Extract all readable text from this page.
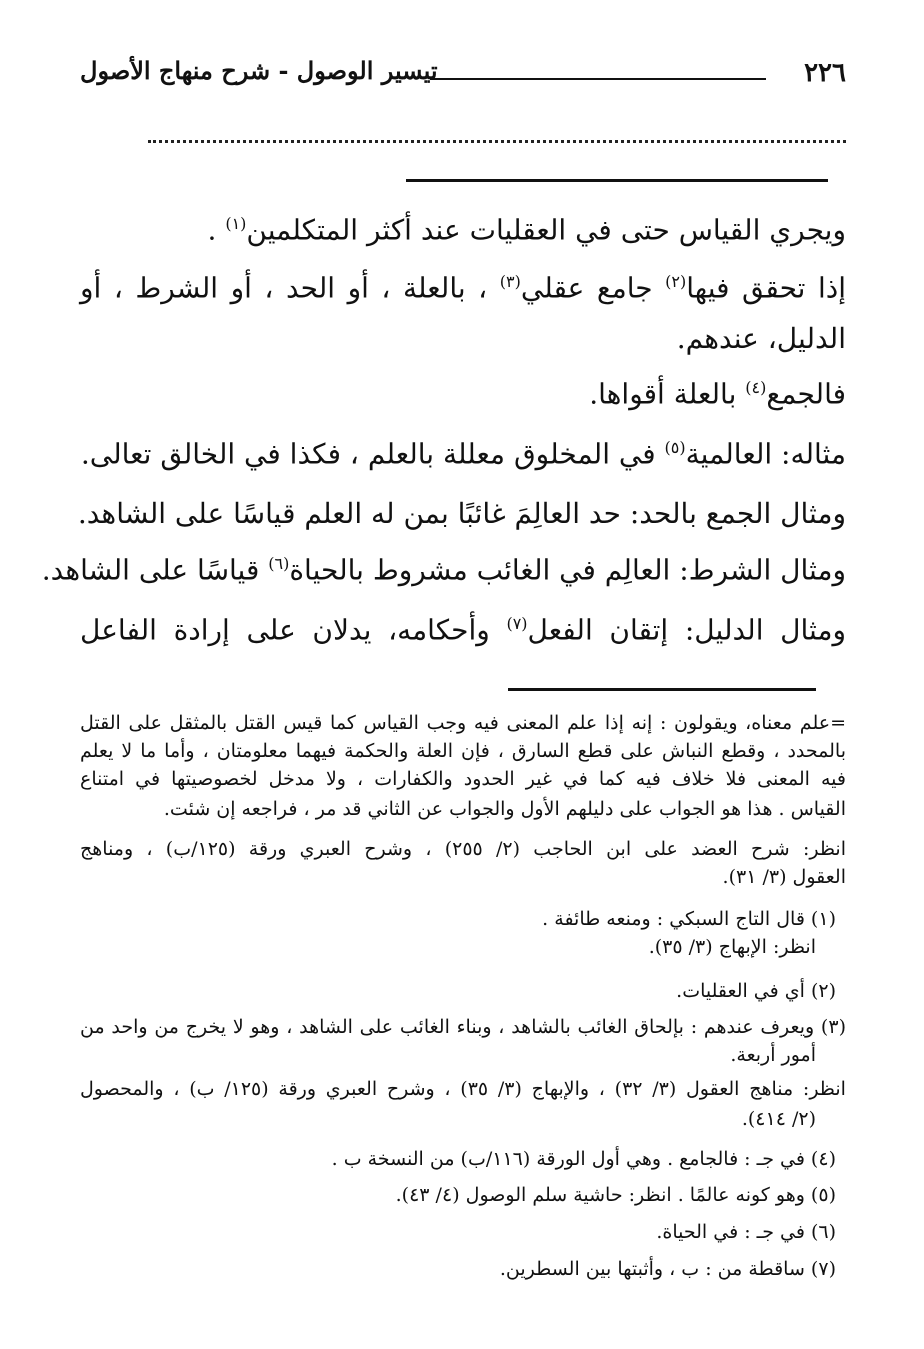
٢٢٦
تيسير الوصول - شرح منهاج الأصول
ويجري القياس حتى في العقليات عند أكثر المتكلمين$^{(١)}$ .
إذا تحقق فيها$^{(٢)}$ جامع عقلي$^{(٣)}$ ، بالعلة ، أو الحد ، أو الشرط ، أو
الدليل، عندهم.
فالجمع$^{(٤)}$ بالعلة أقواها.
مثاله: العالمية$^{(٥)}$ في المخلوق معللة بالعلم ، فكذا في الخالق تعالى.
ومثال الجمع بالحد: حد العالِمَ غائبًا بمن له العلم قياسًا على الشاهد.
ومثال الشرط: العالِم في الغائب مشروط بالحياة$^{(٦)}$ قياسًا على الشاهد.
ومثال الدليل: إتقان الفعل$^{(٧)}$ وأحكامه، يدلان على إرادة الفاعل
=علم معناه، ويقولون : إنه إذا علم المعنى فيه وجب القياس كما قيس القتل بالمثقل على القتل
بالمحدد ، وقطع النباش على قطع السارق ، فإن العلة والحكمة فيهما معلومتان ، وأما ما لا يعلم
فيه المعنى فلا خلاف فيه كما في غير الحدود والكفارات ، ولا مدخل لخصوصيتها في امتناع
القياس . هذا هو الجواب على دليلهم الأول والجواب عن الثاني قد مر ، فراجعه إن شئت.
انظر: شرح العضد على ابن الحاجب (٢/ ٢٥٥) ، وشرح العبري ورقة (١٢٥/ب) ، ومناهج
العقول (٣/ ٣١).
(١) قال التاج السبكي : ومنعه طائفة .
انظر: الإبهاج (٣/ ٣٥).
(٢) أي في العقليات.
(٣) ويعرف عندهم : بإلحاق الغائب بالشاهد ، وبناء الغائب على الشاهد ، وهو لا يخرج من واحد من
أمور أربعة.
انظر: مناهج العقول (٣/ ٣٢) ، والإبهاج (٣/ ٣٥) ، وشرح العبري ورقة (١٢٥/ ب) ، والمحصول
(٢/ ٤١٤).
(٤) في جـ : فالجامع . وهي أول الورقة (١١٦/ب) من النسخة ب .
(٥) وهو كونه عالمًا . انظر: حاشية سلم الوصول (٤/ ٤٣).
(٦) في جـ : في الحياة.
(٧) ساقطة من : ب ، وأثبتها بين السطرين.
